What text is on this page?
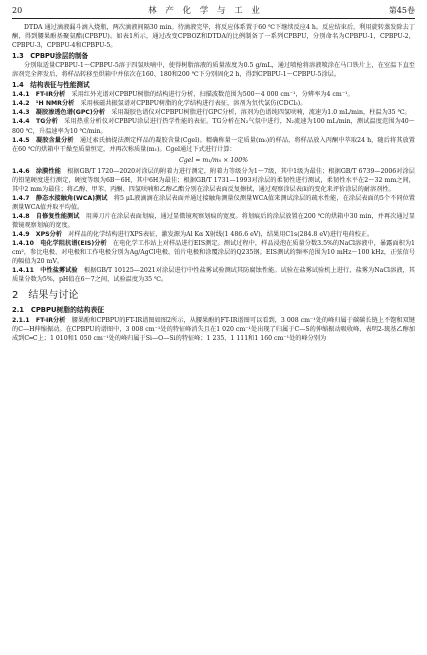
20	林 产 化 学 与 工 业	第45卷

DTDA 通过滴液漏斗滴入烧瓶，两次滴液间隔30 min。待滴液完毕，将反应体系置于60 ℃下继续反应4 h。反应结束后，利用旋转蒸发除去丁酮，得到腰果酚基聚氨酯(CPBPU)。如表1所示，通过改变CPBOZ和DTDA的比例制备了一系列CPBPU，分别命名为CPBPU-1，CPBPU-2，CPBPU-3，CPBPU-4和CPBPU-5。

1.3　CPBPU涂层的制备

分别取适量CPBPU-1～CPBPU-5溶于四氢呋喃中，使得树脂溶液的质量浓度为0.5 g/mL，通过喷枪将溶液喷涂在马口铁片上，在室温下直至溶剂完全挥发后，将样品转移至烘箱中并依次在160、180和200 ℃下分别固化2 h，得到CPBPU-1～CPBPU-5涂层。

1.4　结构表征与性能测试

1.4.1　FT-IR分析　采用红外光谱对CPBPU树脂的结构进行分析，扫描波数范围为500～4 000 cm⁻¹，分辨率为4 cm⁻¹。

1.4.2　¹H NMR分析　采用核磁共振氢谱对CPBPU树脂的化学结构进行表征，溶剂为氘代氯仿(CDCl₃)。

1.4.3　凝胶渗透色谱(GPC)分析　采用凝胶色谱仪对CPBPU树脂进行GPC分析，溶剂为色谱纯四氢呋喃，流速为1.0 mL/min，柱温为35 ℃。

1.4.4　TG分析　采用热重分析仪对CPBPU涂层进行热学性能的表征。TG分析在N₂气氛中进行，N₂流速为100 mL/min，测试温度范围为40～800 ℃，升温速率为10 ℃/min。

1.4.5　凝胶含量分析　通过索氏抽提法测定样品的凝胶含量(Cgel)。精确称量一定质量(m₀)的样品，将样品放入丙酮中萃取24 h，随后将其放置在60 ℃的烘箱中干燥至质量恒定，并再次称质量(m₁)。Cgel通过下式进行计算：

Cgel = m₁/m₀ × 100%

1.4.6　涂膜性能　根据GB/T 1720—2020对涂层的附着力进行测定，附着力等级分为1～7级，其中1级为最佳；根据GB/T 6739—2006对涂层的铅笔硬度进行测定，硬度等级为6B～6H，其中6H为最佳；根据GB/T 1731—1993对涂层的柔韧性进行测试，柔韧性水平在2～32 mm之间，其中2 mm为最佳；将乙醇、甲苯、丙酮、四氢呋喃和乙醇乙酯分别在涂层表面反复擦拭，通过观察涂层表面的变化来评价涂层的耐溶剂性。

1.4.7　静态水接触角(WCA)测试　将5 μL液滴滴在涂层表面并通过接触角测量仪测量WCA值来测试涂层的疏水性能，在涂层表面的5个不同位置测量WCA值并取平均值。

1.4.8　自修复性能测试　用薄刀片在涂层表面划痕，通过显微镜观察划痕的宽度。将划痕后的涂层放置在200 ℃的烘箱中30 min，并再次通过显微镜观察划痕的宽度。

1.4.9　XPS分析　对样品的化学结构进行XPS表征，激发源为Al Kα X射线(1 486.6 eV)，结果用C1s(284.8 eV)进行电荷校正。

1.4.10　电化学阻抗谱(EIS)分析　在电化学工作站上对样品进行EIS测定。测试过程中，样品浸泡在质量分数3.5%的NaCl溶液中，暴露面积为1 cm²，参比电极、对电极和工作电极分别为Ag/AgCl电极、铂片电极和涂覆涂层的Q235钢。EIS测试的频率范围为10 mHz～100 kHz，正弦信号的幅值为20 mV。

1.4.11　中性盐雾试验　根据GB/T 10125—2021对涂层进行中性盐雾试验测试其防腐蚀性能。试验在盐雾试验机上进行，盐雾为NaCl溶液，其质量分数为5%，pH值在6～7之间，试验温度为35 ℃。

2　结果与讨论

2.1　CPBPU树脂的结构表征

2.1.1　FT-IR分析　腰果酚和CPBPU的FT-IR谱图如图2所示，从腰果酚的FT-IR谱图可以看到，3 008 cm⁻¹处的峰归属于碳碳长链上不饱和双键的C—H伸缩振动。在CPBPU的谱图中，3 008 cm⁻¹处的特征峰消失且在1 020 cm⁻¹处出现了归属于C—S的伸缩振动吸收峰，表明2-巯基乙醇加成到C═C上；1 010和1 050 cm⁻¹处的峰归属于Si—O—Si的特征峰；1 235、1 111和1 160 cm⁻¹处的峰分别为
